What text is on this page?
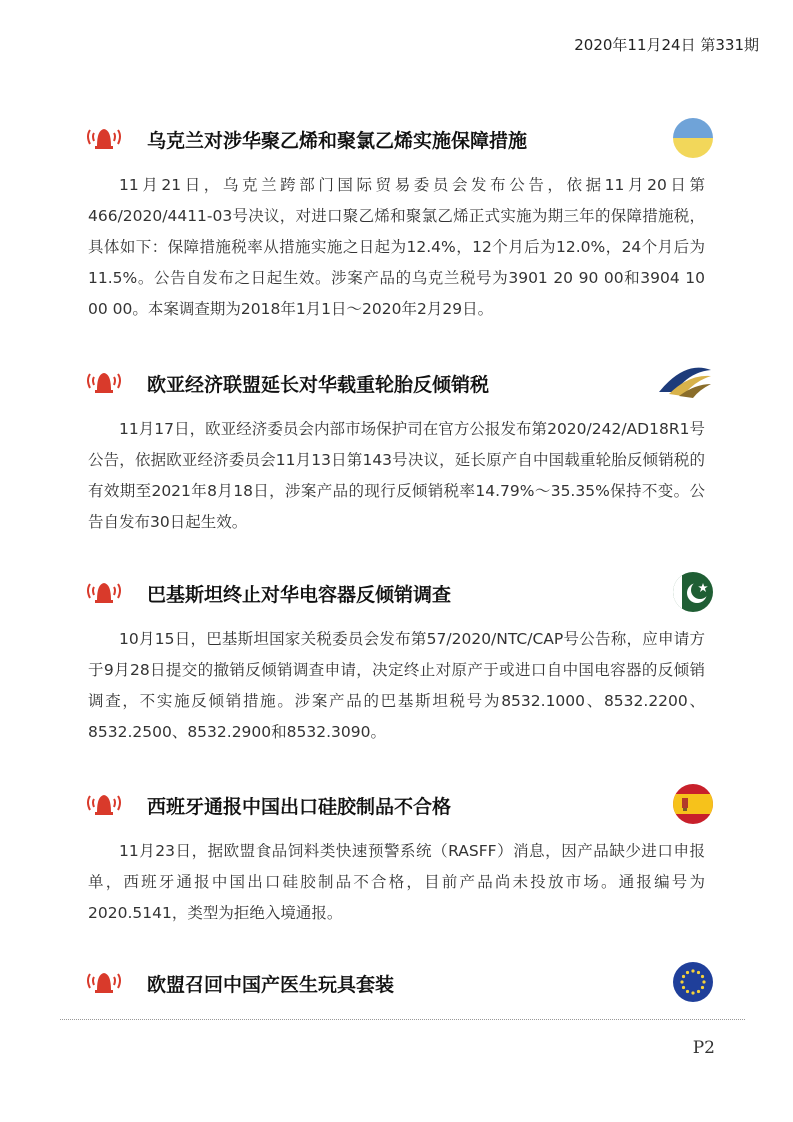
2020年11月24日 第331期
乌克兰对涉华聚乙烯和聚氯乙烯实施保障措施
11月21日，乌克兰跨部门国际贸易委员会发布公告，依据11月20日第466/2020/4411-03号决议，对进口聚乙烯和聚氯乙烯正式实施为期三年的保障措施税，具体如下：保障措施税率从措施实施之日起为12.4%，12个月后为12.0%，24个月后为11.5%。公告自发布之日起生效。涉案产品的乌克兰税号为3901 20 90 00和3904 10 00 00。本案调查期为2018年1月1日～2020年2月29日。
欧亚经济联盟延长对华载重轮胎反倾销税
11月17日，欧亚经济委员会内部市场保护司在官方公报发布第2020/242/AD18R1号公告，依据欧亚经济委员会11月13日第143号决议，延长原产自中国载重轮胎反倾销税的有效期至2021年8月18日，涉案产品的现行反倾销税率14.79%～35.35%保持不变。公告自发布30日起生效。
巴基斯坦终止对华电容器反倾销调查
10月15日，巴基斯坦国家关税委员会发布第57/2020/NTC/CAP号公告称，应申请方于9月28日提交的撤销反倾销调查申请，决定终止对原产于或进口自中国电容器的反倾销调查，不实施反倾销措施。涉案产品的巴基斯坦税号为8532.1000、8532.2200、8532.2500、8532.2900和8532.3090。
西班牙通报中国出口硅胶制品不合格
11月23日，据欧盟食品饲料类快速预警系统（RASFF）消息，因产品缺少进口申报单，西班牙通报中国出口硅胶制品不合格，目前产品尚未投放市场。通报编号为2020.5141，类型为拒绝入境通报。
欧盟召回中国产医生玩具套装
P2
